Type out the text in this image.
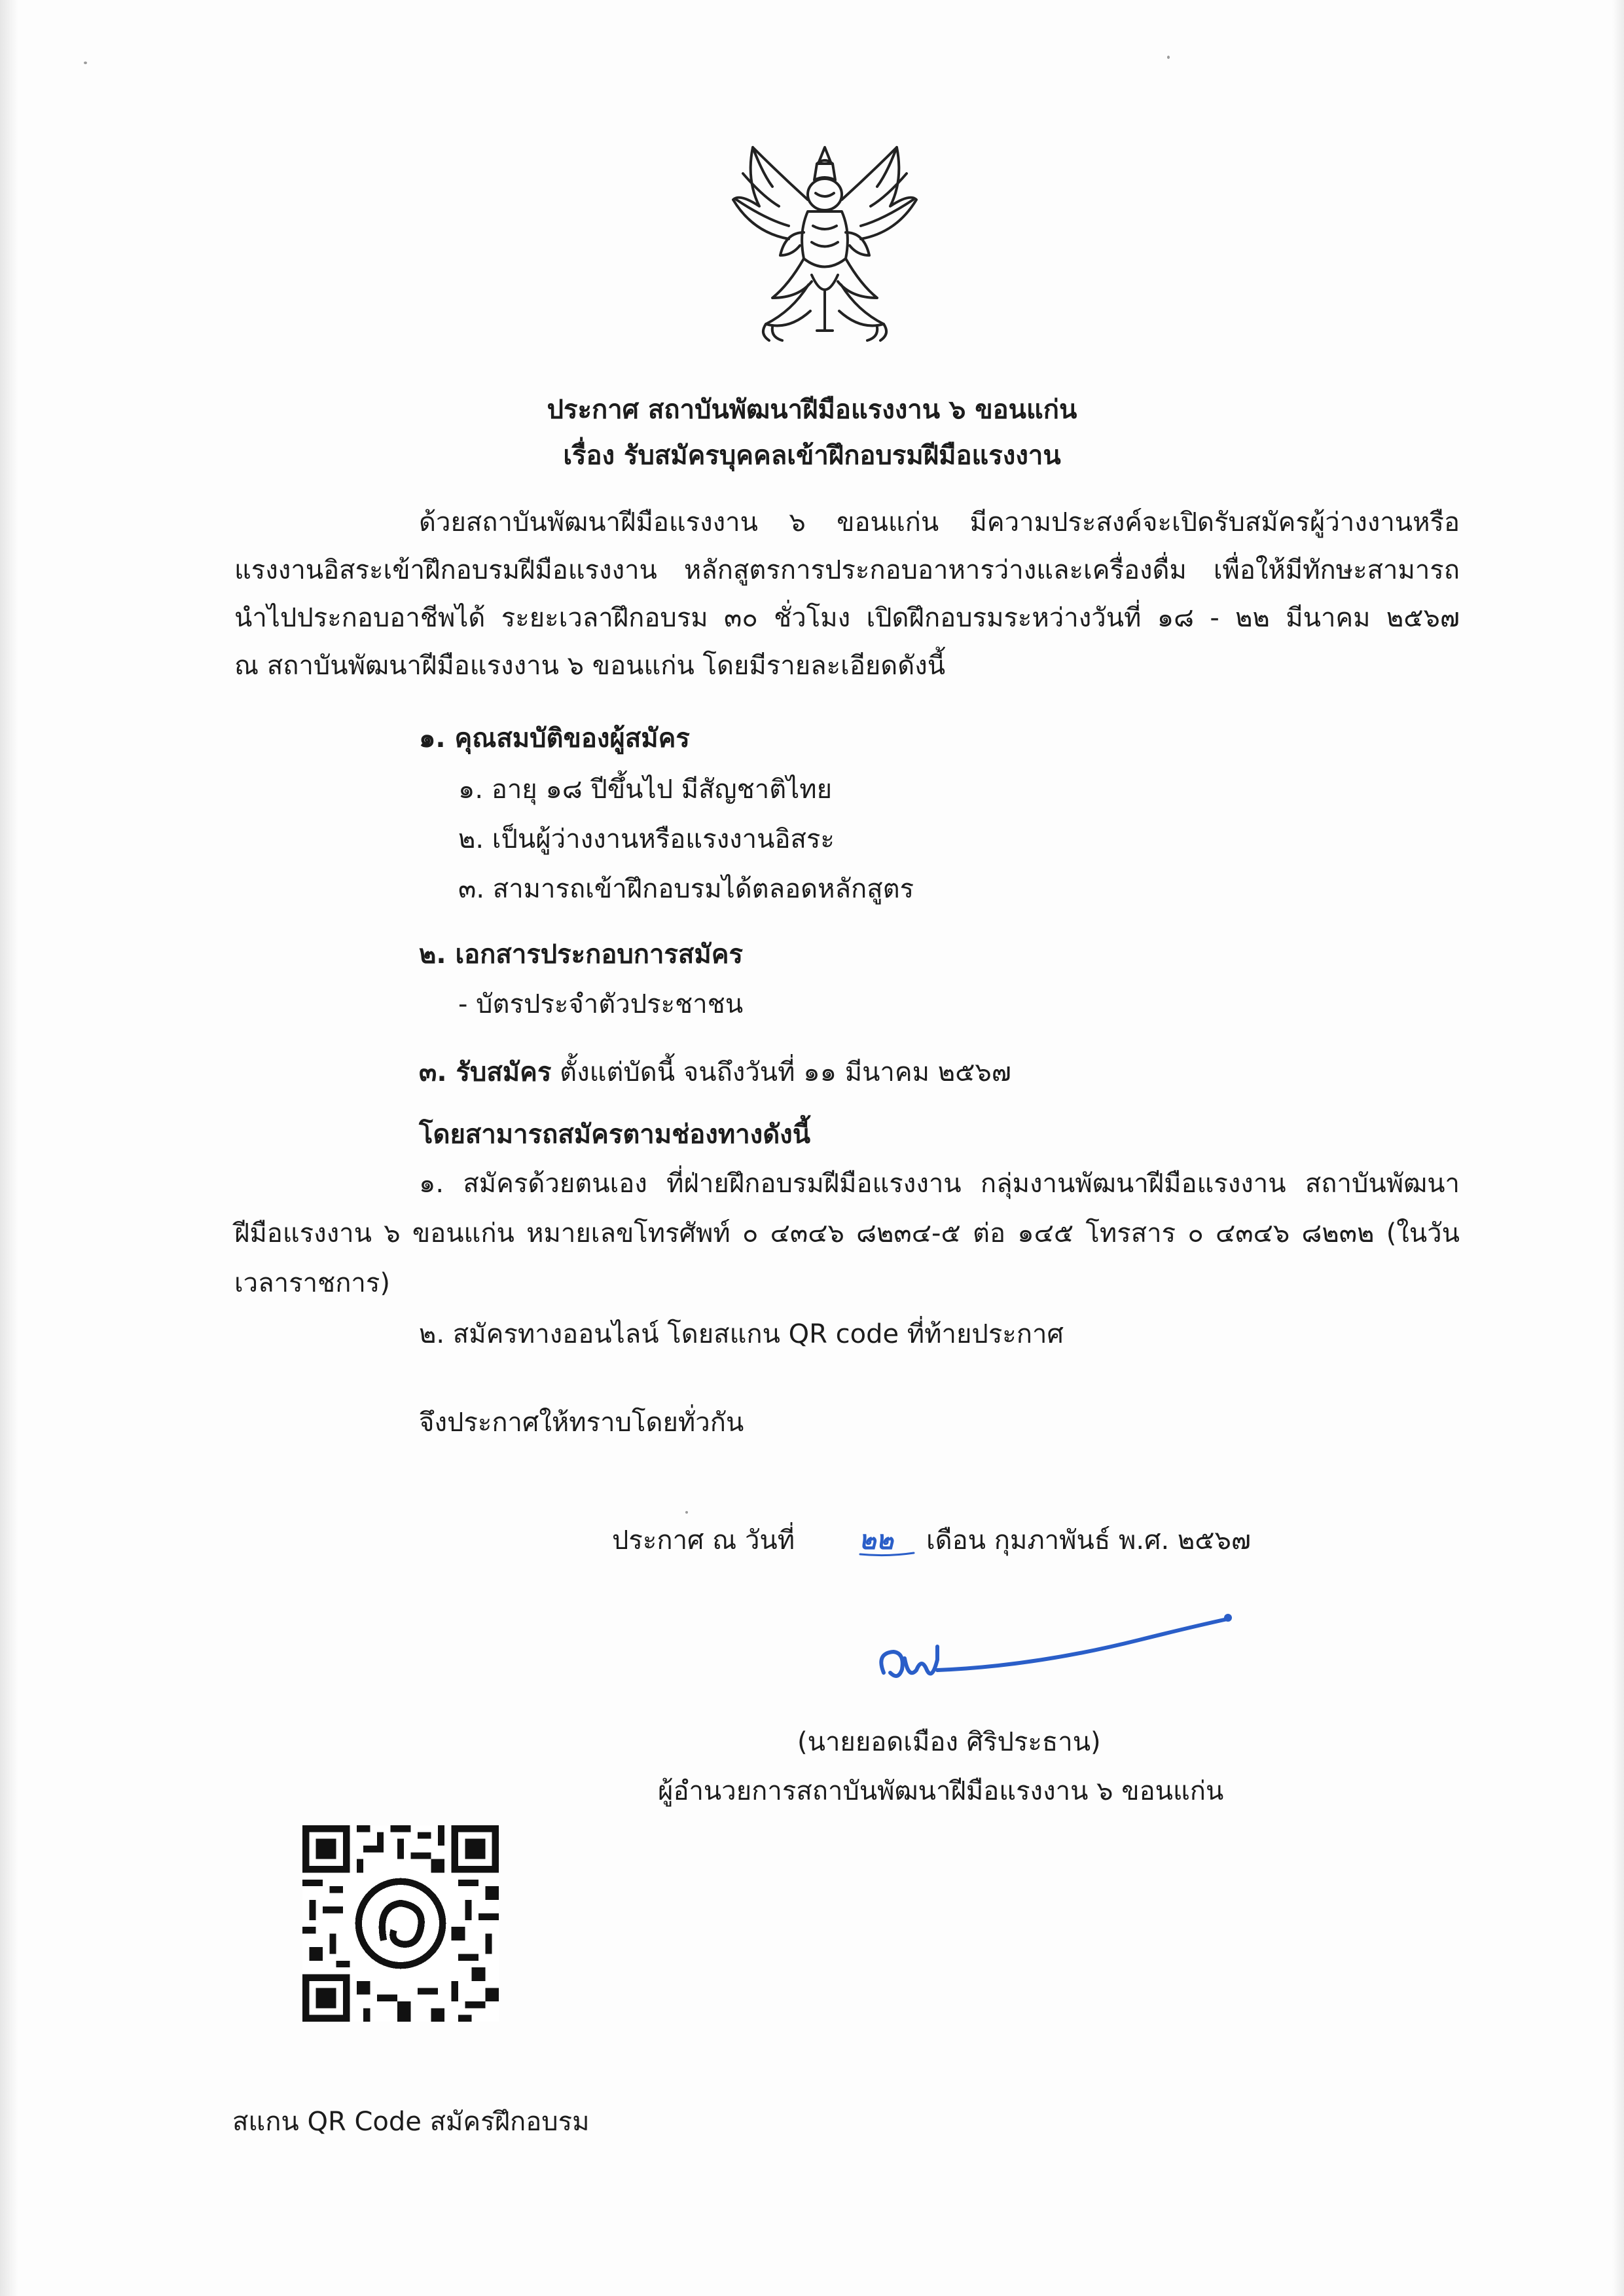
ประกาศ สถาบันพัฒนาฝีมือแรงงาน ๖ ขอนแก่น
เรื่อง รับสมัครบุคคลเข้าฝึกอบรมฝีมือแรงงาน
ด้วยสถาบันพัฒนาฝีมือแรงงาน ๖ ขอนแก่น มีความประสงค์จะเปิดรับสมัครผู้ว่างงานหรือ
แรงงานอิสระเข้าฝึกอบรมฝีมือแรงงาน หลักสูตรการประกอบอาหารว่างและเครื่องดื่ม เพื่อให้มีทักษะสามารถ
นำไปประกอบอาชีพได้ ระยะเวลาฝึกอบรม ๓๐ ชั่วโมง เปิดฝึกอบรมระหว่างวันที่ ๑๘ - ๒๒ มีนาคม ๒๕๖๗
ณ สถาบันพัฒนาฝีมือแรงงาน ๖ ขอนแก่น โดยมีรายละเอียดดังนี้
๑. คุณสมบัติของผู้สมัคร
๑. อายุ ๑๘ ปีขึ้นไป มีสัญชาติไทย
๒. เป็นผู้ว่างงานหรือแรงงานอิสระ
๓. สามารถเข้าฝึกอบรมได้ตลอดหลักสูตร
๒. เอกสารประกอบการสมัคร
- บัตรประจำตัวประชาชน
๓. รับสมัคร ตั้งแต่บัดนี้ จนถึงวันที่ ๑๑ มีนาคม ๒๕๖๗
โดยสามารถสมัครตามช่องทางดังนี้
๑. สมัครด้วยตนเอง ที่ฝ่ายฝึกอบรมฝีมือแรงงาน กลุ่มงานพัฒนาฝีมือแรงงาน สถาบันพัฒนา
ฝีมือแรงงาน ๖ ขอนแก่น หมายเลขโทรศัพท์ ๐ ๔๓๔๖ ๘๒๓๔-๕ ต่อ ๑๔๕ โทรสาร ๐ ๔๓๔๖ ๘๒๓๒ (ในวัน
เวลาราชการ)
๒. สมัครทางออนไลน์ โดยสแกน QR code ที่ท้ายประกาศ
จึงประกาศให้ทราบโดยทั่วกัน
ประกาศ ณ วันที่ ๒๒ เดือน กุมภาพันธ์ พ.ศ. ๒๕๖๗
(นายยอดเมือง ศิริประธาน)
ผู้อำนวยการสถาบันพัฒนาฝีมือแรงงาน ๖ ขอนแก่น
สแกน QR Code สมัครฝึกอบรม
